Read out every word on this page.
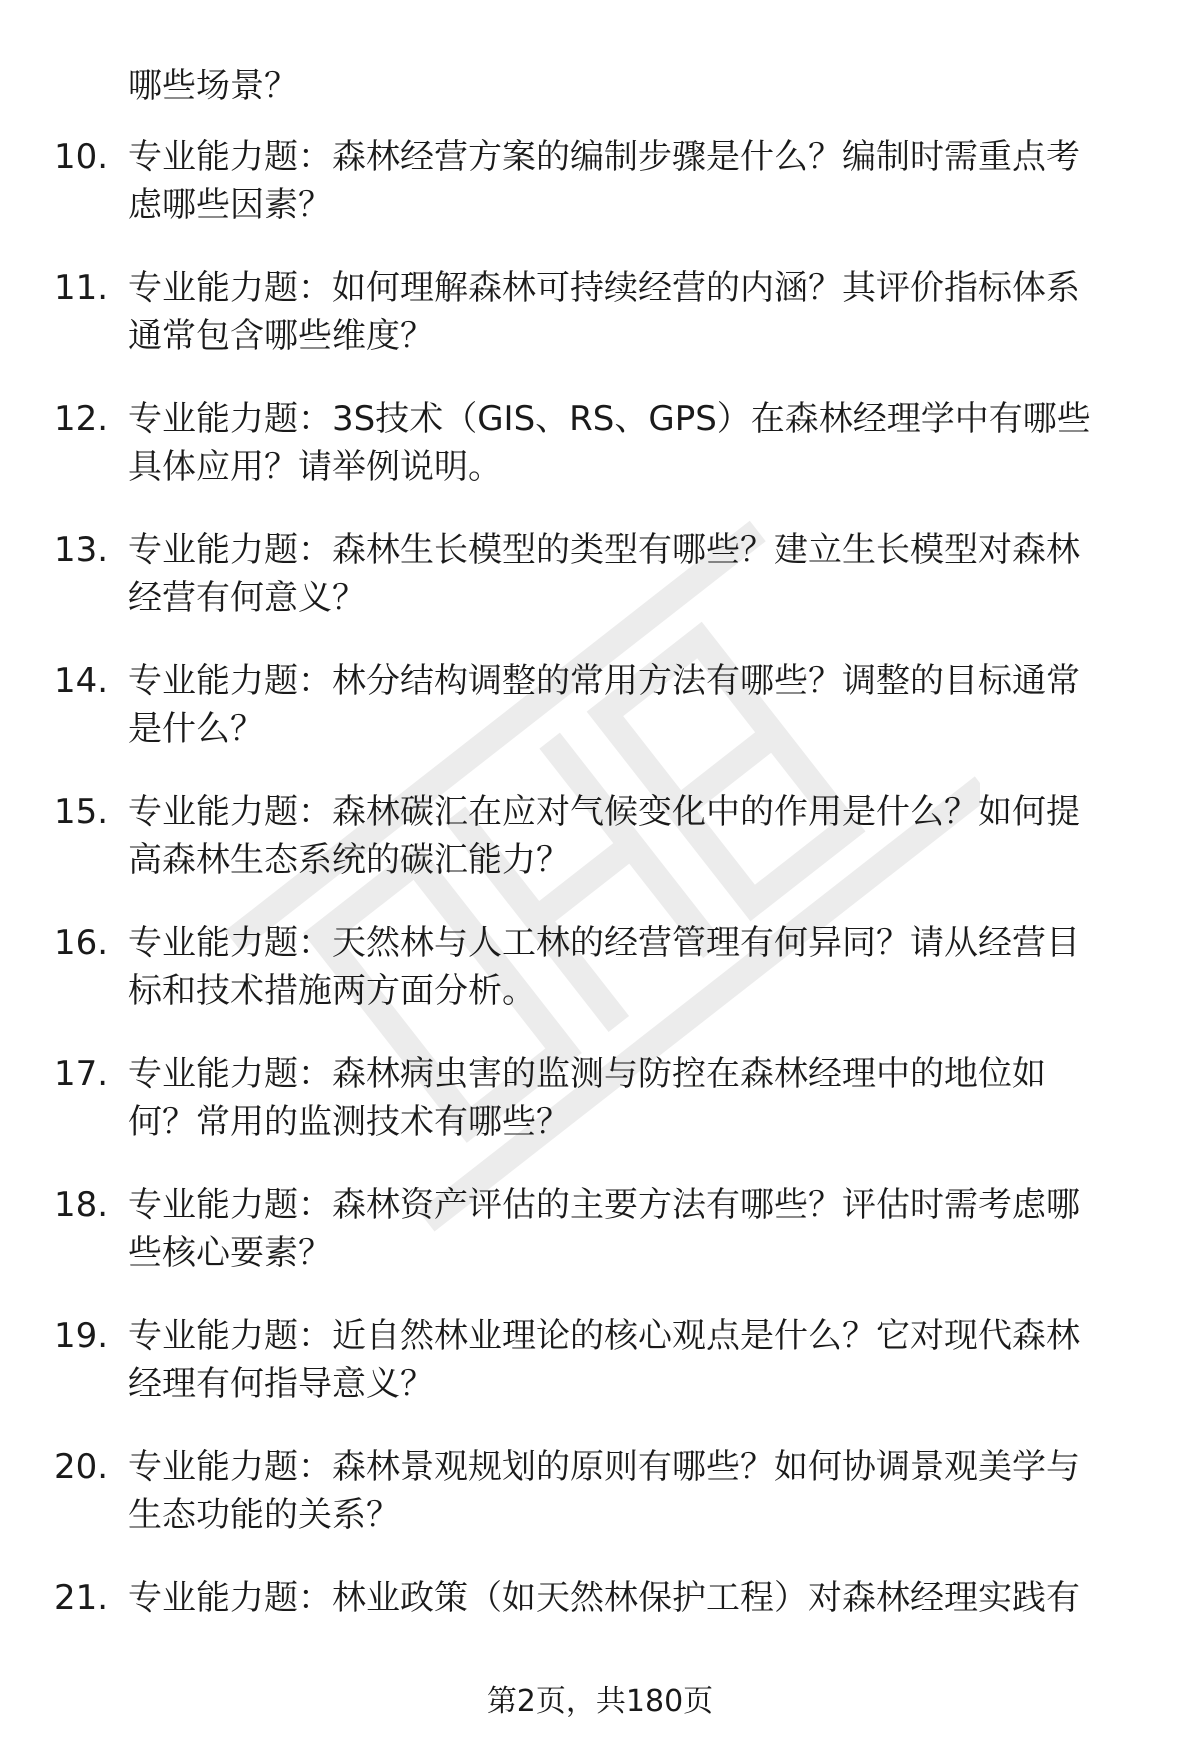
哪些场景？
10. 专业能力题：森林经营方案的编制步骤是什么？编制时需重点考
虑哪些因素？
11. 专业能力题：如何理解森林可持续经营的内涵？其评价指标体系
通常包含哪些维度？
12. 专业能力题：3S技术（GIS、RS、GPS）在森林经理学中有哪些
具体应用？请举例说明。
13. 专业能力题：森林生长模型的类型有哪些？建立生长模型对森林
经营有何意义？
14. 专业能力题：林分结构调整的常用方法有哪些？调整的目标通常
是什么？
15. 专业能力题：森林碳汇在应对气候变化中的作用是什么？如何提
高森林生态系统的碳汇能力？
16. 专业能力题：天然林与人工林的经营管理有何异同？请从经营目
标和技术措施两方面分析。
17. 专业能力题：森林病虫害的监测与防控在森林经理中的地位如
何？常用的监测技术有哪些？
18. 专业能力题：森林资产评估的主要方法有哪些？评估时需考虑哪
些核心要素？
19. 专业能力题：近自然林业理论的核心观点是什么？它对现代森林
经理有何指导意义？
20. 专业能力题：森林景观规划的原则有哪些？如何协调景观美学与
生态功能的关系？
21. 专业能力题：林业政策（如天然林保护工程）对森林经理实践有
第2页，共180页
